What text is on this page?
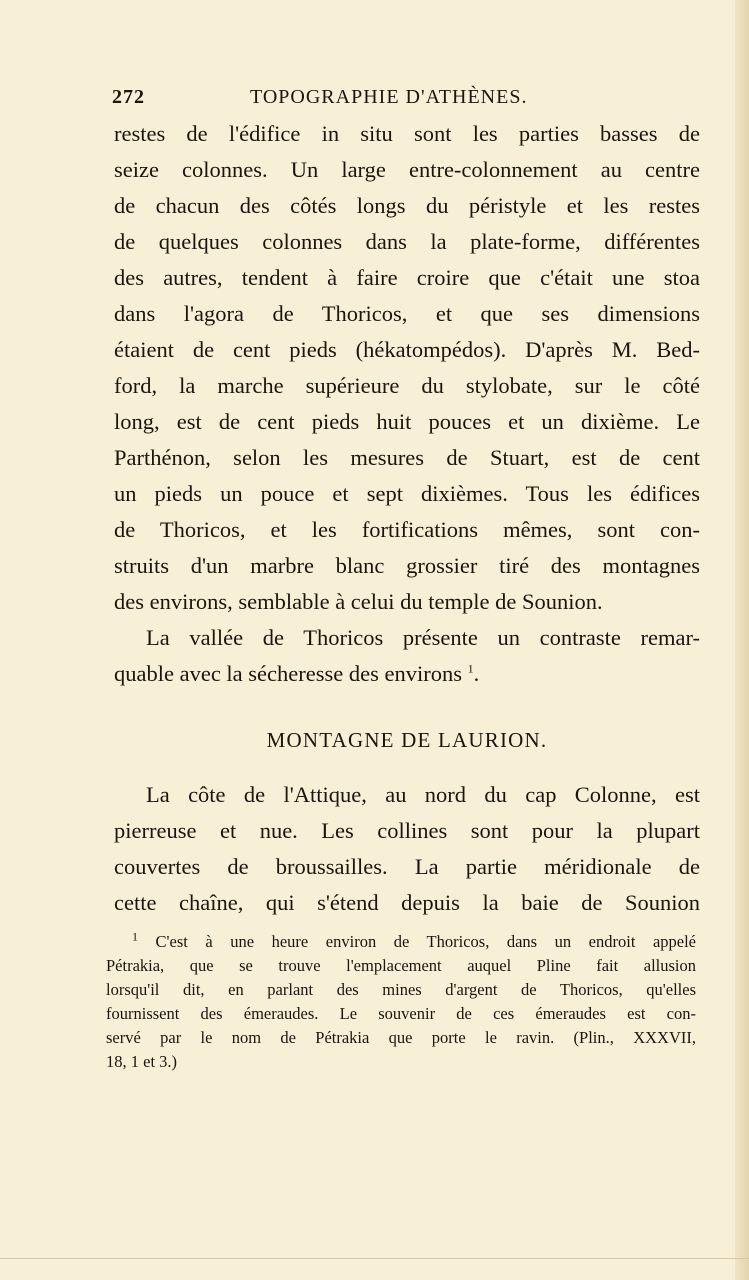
272	TOPOGRAPHIE D'ATHÈNES.
restes de l'édifice in situ sont les parties basses de
seize colonnes. Un large entre-colonnement au centre
de chacun des côtés longs du péristyle et les restes
de quelques colonnes dans la plate-forme, différentes
des autres, tendent à faire croire que c'était une stoa
dans l'agora de Thoricos, et que ses dimensions
étaient de cent pieds (hékatompédos). D'après M. Bed-
ford, la marche supérieure du stylobate, sur le côté
long, est de cent pieds huit pouces et un dixième. Le
Parthénon, selon les mesures de Stuart, est de cent
un pieds un pouce et sept dixièmes. Tous les édifices
de Thoricos, et les fortifications mêmes, sont con-
struits d'un marbre blanc grossier tiré des montagnes
des environs, semblable à celui du temple de Sounion.
La vallée de Thoricos présente un contraste remar-
quable avec la sécheresse des environs $^1$.
MONTAGNE DE LAURION.
La côte de l'Attique, au nord du cap Colonne, est
pierreuse et nue. Les collines sont pour la plupart
couvertes de broussailles. La partie méridionale de
cette chaîne, qui s'étend depuis la baie de Sounion
$^1$ C'est à une heure environ de Thoricos, dans un endroit appelé
Pétrakia, que se trouve l'emplacement auquel Pline fait allusion
lorsqu'il dit, en parlant des mines d'argent de Thoricos, qu'elles
fournissent des émeraudes. Le souvenir de ces émeraudes est con-
servé par le nom de Pétrakia que porte le ravin. (Plin., XXXVII,
18, 1 et 3.)
